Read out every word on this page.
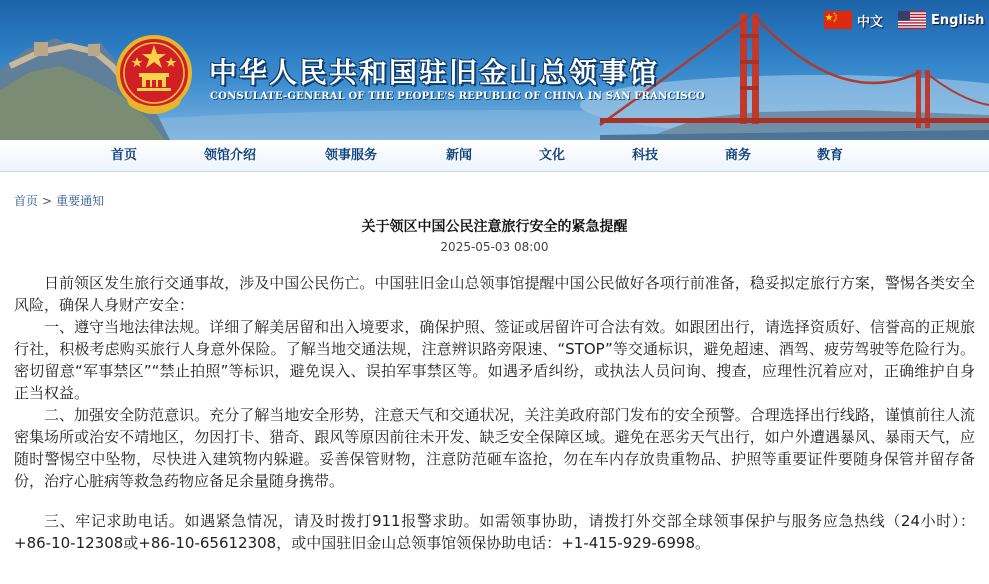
中华人民共和国驻旧金山总领事馆
CONSULATE-GENERAL OF THE PEOPLE'S REPUBLIC OF CHINA IN SAN FRANCISCO
中文	English
首页	领馆介绍	领事服务	新闻	文化	科技	商务	教育
首页 > 重要通知
关于领区中国公民注意旅行安全的紧急提醒
2025-05-03 08:00

日前领区发生旅行交通事故，涉及中国公民伤亡。中国驻旧金山总领事馆提醒中国公民做好各项行前准备，稳妥拟定旅行方案，警惕各类安全风险，确保人身财产安全：

一、遵守当地法律法规。详细了解美居留和出入境要求，确保护照、签证或居留许可合法有效。如跟团出行，请选择资质好、信誉高的正规旅行社，积极考虑购买旅行人身意外保险。了解当地交通法规，注意辨识路旁限速、“STOP”等交通标识，避免超速、酒驾、疲劳驾驶等危险行为。密切留意“军事禁区”“禁止拍照”等标识，避免误入、误拍军事禁区等。如遇矛盾纠纷，或执法人员问询、搜查，应理性沉着应对，正确维护自身正当权益。

二、加强安全防范意识。充分了解当地安全形势，注意天气和交通状况，关注美政府部门发布的安全预警。合理选择出行线路，谨慎前往人流密集场所或治安不靖地区，勿因打卡、猎奇、跟风等原因前往未开发、缺乏安全保障区域。避免在恶劣天气出行，如户外遭遇暴风、暴雨天气，应随时警惕空中坠物，尽快进入建筑物内躲避。妥善保管财物，注意防范砸车盗抢，勿在车内存放贵重物品、护照等重要证件要随身保管并留存备份，治疗心脏病等救急药物应备足余量随身携带。

三、牢记求助电话。如遇紧急情况，请及时拨打911报警求助。如需领事协助，请拨打外交部全球领事保护与服务应急热线（24小时）：+86-10-12308或+86-10-65612308，或中国驻旧金山总领事馆领保协助电话：+1-415-929-6998。
